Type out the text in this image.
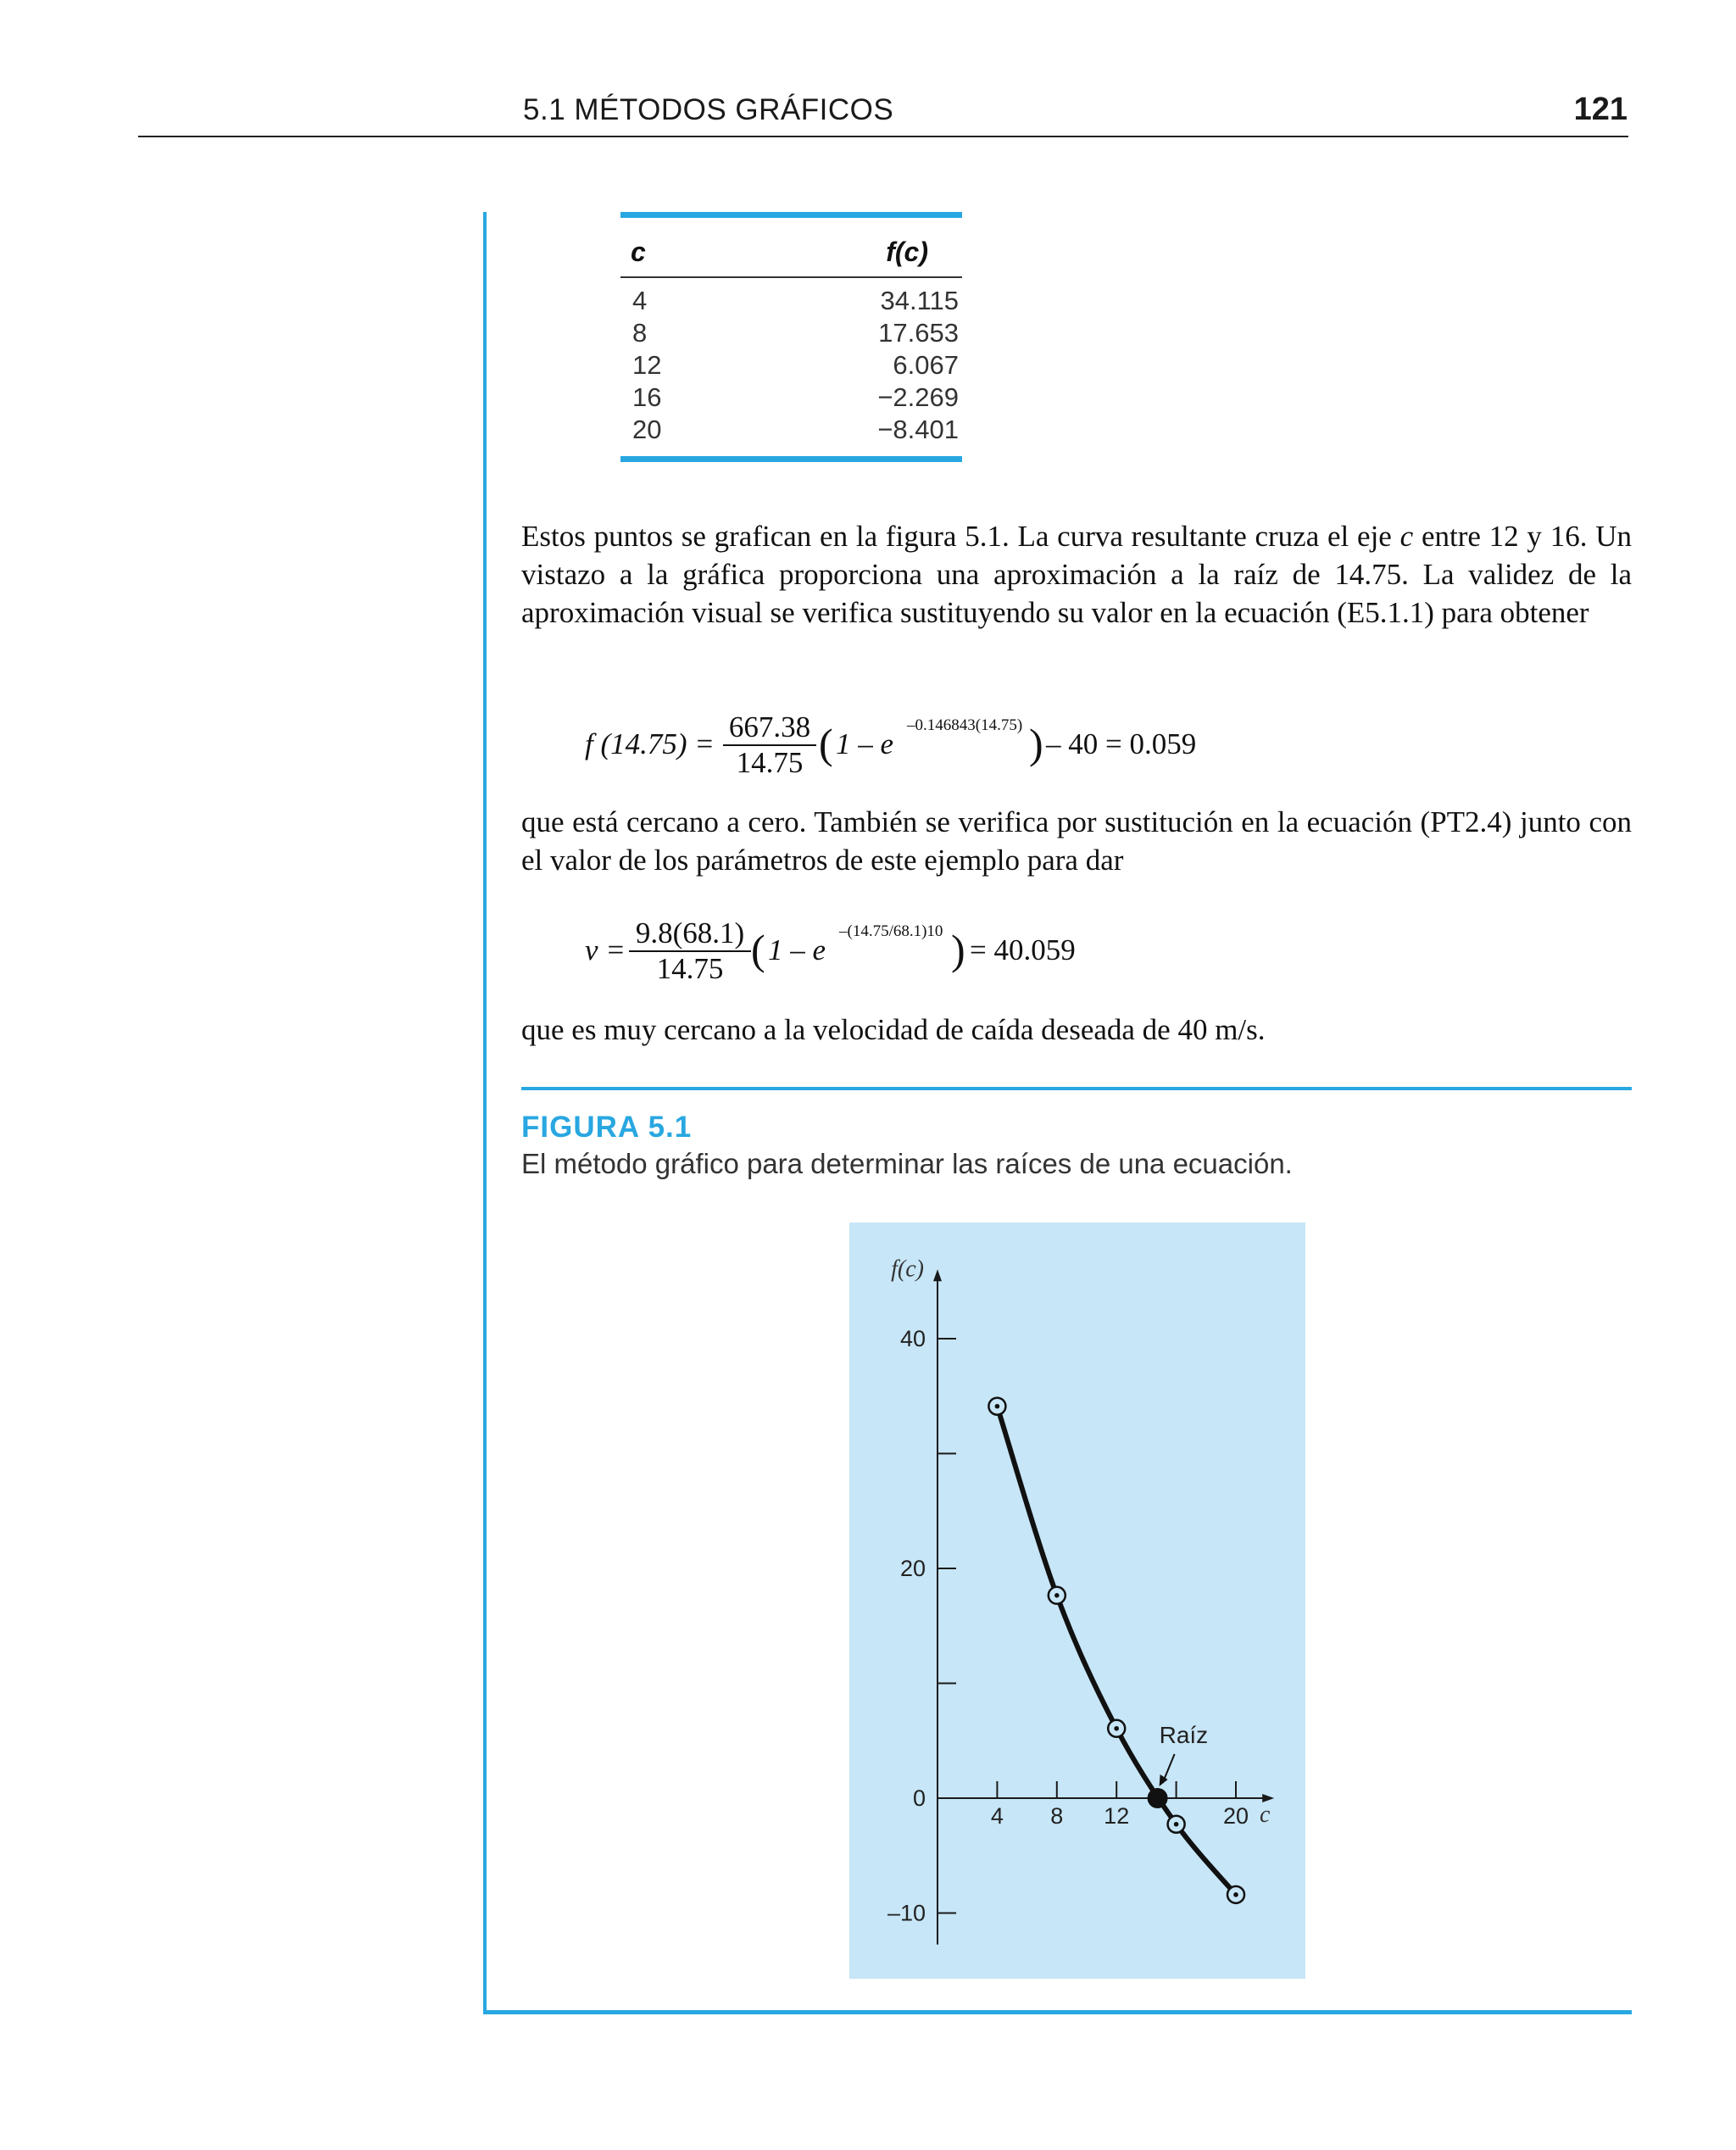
5.1 MÉTODOS GRÁFICOS	121
c	f(c)
4	34.115
8	17.653
12	6.067
16	−2.269
20	−8.401
Estos puntos se grafican en la figura 5.1. La curva resultante cruza el eje c entre 12 y 16. Un vistazo a la gráfica proporciona una aproximación a la raíz de 14.75. La validez de la aproximación visual se verifica sustituyendo su valor en la ecuación (E5.1.1) para obtener
f (14.75) =
667.38
14.75 ( 1 – e
–0.146843(14.75) ) – 40 = 0.059
que está cercano a cero. También se verifica por sustitución en la ecuación (PT2.4) junto con el valor de los parámetros de este ejemplo para dar
v =
9.8(68.1)
14.75 ( 1 – e
–(14.75/68.1)10 ) = 40.059
que es muy cercano a la velocidad de caída deseada de 40 m/s.
FIGURA 5.1
El método gráfico para determinar las raíces de una ecuación.
f(c)
c
–10
0
20
40
4 8 12	20
Raíz
